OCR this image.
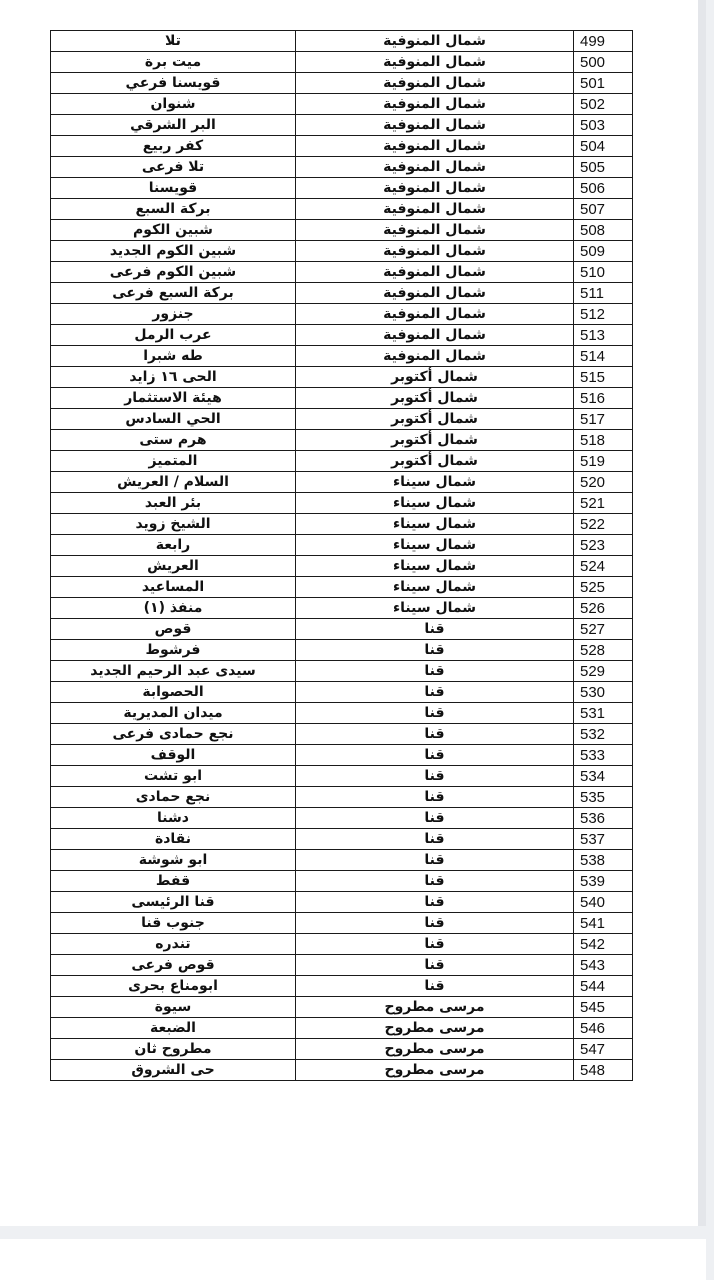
تلا	شمال المنوفية	499
ميت برة	شمال المنوفية	500
قويسنا فرعي	شمال المنوفية	501
شنوان	شمال المنوفية	502
البر الشرقي	شمال المنوفية	503
كفر ربيع	شمال المنوفية	504
تلا فرعى	شمال المنوفية	505
قويسنا	شمال المنوفية	506
بركة السبع	شمال المنوفية	507
شبين الكوم	شمال المنوفية	508
شبين الكوم الجديد	شمال المنوفية	509
شبين الكوم فرعى	شمال المنوفية	510
بركة السبع فرعى	شمال المنوفية	511
جنزور	شمال المنوفية	512
عرب الرمل	شمال المنوفية	513
طه شبرا	شمال المنوفية	514
الحى ١٦ زايد	شمال أكتوبر	515
هيئة الاستثمار	شمال أكتوبر	516
الحي السادس	شمال أكتوبر	517
هرم ستى	شمال أكتوبر	518
المتميز	شمال أكتوبر	519
السلام / العريش	شمال سيناء	520
بئر العبد	شمال سيناء	521
الشيخ زويد	شمال سيناء	522
رابعة	شمال سيناء	523
العريش	شمال سيناء	524
المساعيد	شمال سيناء	525
منفذ (١)	شمال سيناء	526
قوص	قنا	527
فرشوط	قنا	528
سيدى عبد الرحيم الجديد	قنا	529
الحصوابة	قنا	530
ميدان المديرية	قنا	531
نجع حمادى فرعى	قنا	532
الوقف	قنا	533
ابو تشت	قنا	534
نجع حمادى	قنا	535
دشنا	قنا	536
نقادة	قنا	537
ابو شوشة	قنا	538
قفط	قنا	539
قنا الرئيسى	قنا	540
جنوب قنا	قنا	541
تندره	قنا	542
قوص فرعى	قنا	543
ابومناع بحرى	قنا	544
سيوة	مرسى مطروح	545
الضبعة	مرسى مطروح	546
مطروح ثان	مرسى مطروح	547
حى الشروق	مرسى مطروح	548
